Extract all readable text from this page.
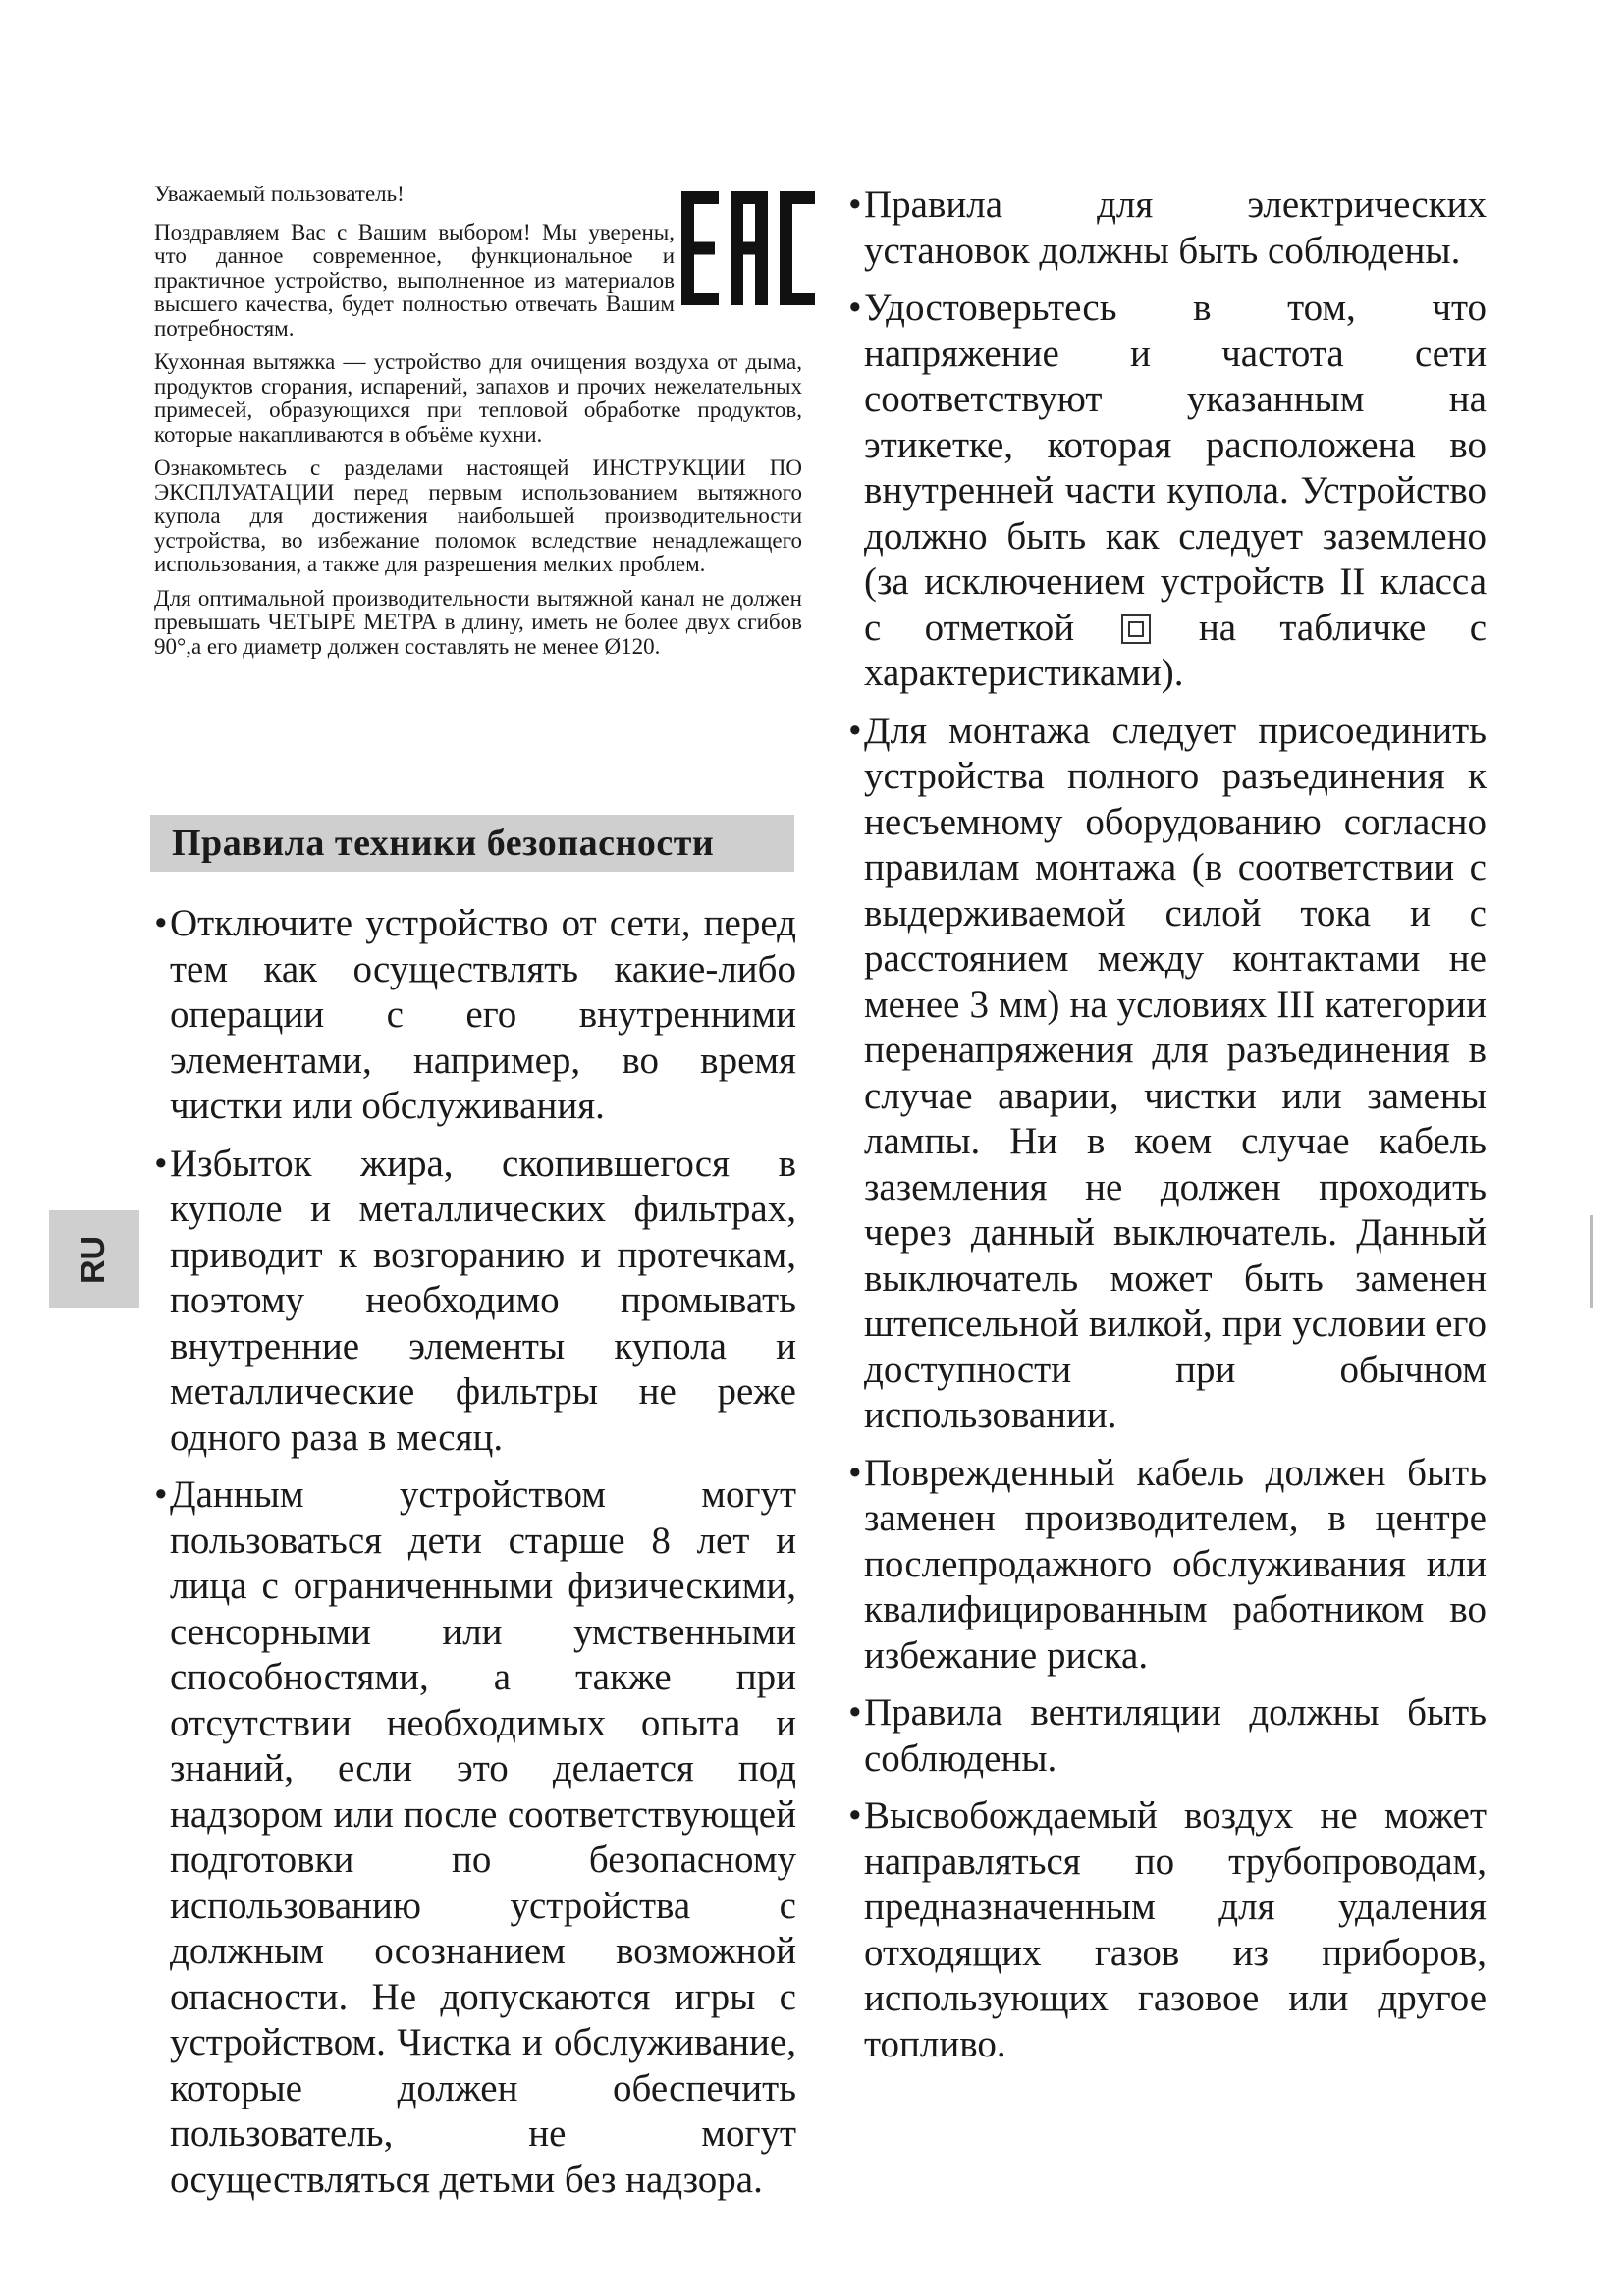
Уважаемый пользователь!

Поздравляем Вас с Вашим выбором! Мы уверены, что данное современное, функциональное и практичное устройство, выполненное из материалов высшего качества, будет полностью отвечать Вашим потребностям.

Кухонная вытяжка — устройство для очищения воздуха от дыма, продуктов сгорания, испарений, запахов и прочих нежелательных примесей, образующихся при тепловой обработке продуктов, которые накапливаются в объёме кухни.

Ознакомьтесь с разделами настоящей ИНСТРУКЦИИ ПО ЭКСПЛУАТАЦИИ перед первым использованием вытяжного купола для достижения наибольшей производительности устройства, во избежание поломок вследствие ненадлежащего использования, а также для разрешения мелких проблем.

Для оптимальной производительности вытяжной канал не должен превышать ЧЕТЫРЕ МЕТРА в длину, иметь не более двух сгибов 90°,а его диаметр должен составлять не менее Ø120.

Правила техники безопасности
• Отключите устройство от сети, перед тем как осуществлять какие-либо операции с его внутренними элементами, например, во время чистки или обслуживания.
• Избыток жира, скопившегося в куполе и металлических фильтрах, приводит к возгоранию и протечкам, поэтому необходимо промывать внутренние элементы купола и металлические фильтры не реже одного раза в месяц.
• Данным устройством могут пользоваться дети старше 8 лет и лица с ограниченными физическими, сенсорными или умственными способностями, а также при отсутствии необходимых опыта и знаний, если это делается под надзором или после соответствующей подготовки по безопасному использованию устройства с должным осознанием возможной опасности. Не допускаются игры с устройством. Чистка и обслуживание, которые должен обеспечить пользователь, не могут осуществляться детьми без надзора.
• Правила для электрических установок должны быть соблюдены.
• Удостоверьтесь в том, что напряжение и частота сети соответствуют указанным на этикетке, которая расположена во внутренней части купола. Устройство должно быть как следует заземлено (за исключением устройств II класса с отметкой	на табличке с характеристиками).
• Для монтажа следует присоединить устройства полного разъединения к несъемному оборудованию согласно правилам монтажа (в соответствии с выдерживаемой силой тока и с расстоянием между контактами не менее 3 мм) на условиях III категории перенапряжения для разъединения в случае аварии, чистки или замены лампы. Ни в коем случае кабель заземления не должен проходить через данный выключатель. Данный выключатель может быть заменен штепсельной вилкой, при условии его доступности при обычном использовании.
• Поврежденный кабель должен быть заменен производителем, в центре послепродажного обслуживания или квалифицированным работником во избежание риска.
• Правила вентиляции должны быть соблюдены.
• Высвобождаемый воздух не может направляться по трубопроводам, предназначенным для удаления отходящих газов из приборов, использующих газовое или другое топливо.
RU
